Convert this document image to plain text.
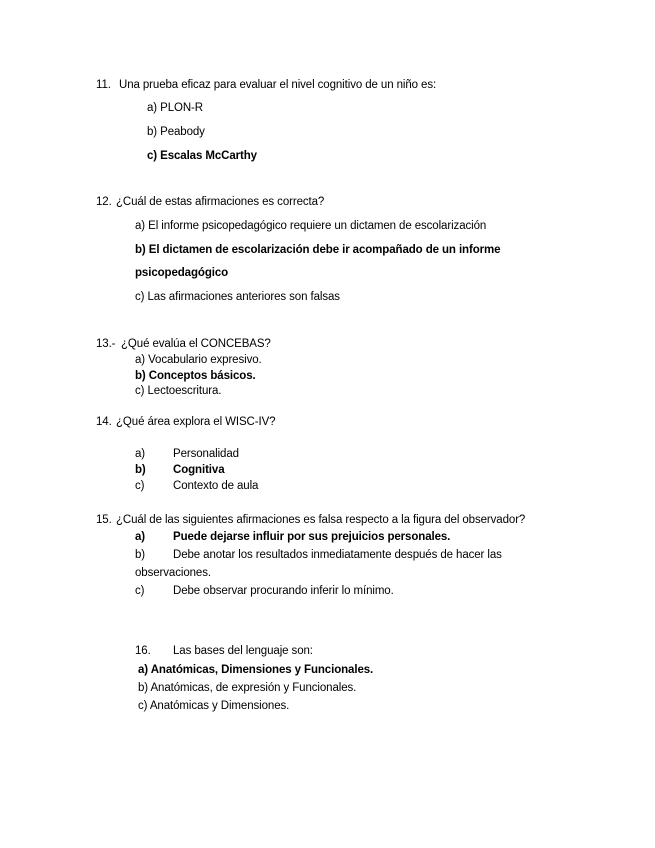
11. Una prueba eficaz para evaluar el nivel cognitivo de un niño es:
a) PLON-R
b) Peabody
c) Escalas McCarthy
12. ¿Cuál de estas afirmaciones es correcta?
a) El informe psicopedagógico requiere un dictamen de escolarización
b) El dictamen de escolarización debe ir acompañado de un informe
psicopedagógico
c) Las afirmaciones anteriores son falsas
13.- ¿Qué evalúa el CONCEBAS?
a) Vocabulario expresivo.
b) Conceptos básicos.
c) Lectoescritura.
14. ¿Qué área explora el WISC-IV?
a) Personalidad
b) Cognitiva
c) Contexto de aula
15. ¿Cuál de las siguientes afirmaciones es falsa respecto a la figura del observador?
a) Puede dejarse influir por sus prejuicios personales.
b) Debe anotar los resultados inmediatamente después de hacer las
observaciones.
c) Debe observar procurando inferir lo mínimo.
16. Las bases del lenguaje son:
a) Anatómicas, Dimensiones y Funcionales.
b) Anatómicas, de expresión y Funcionales.
c) Anatómicas y Dimensiones.
